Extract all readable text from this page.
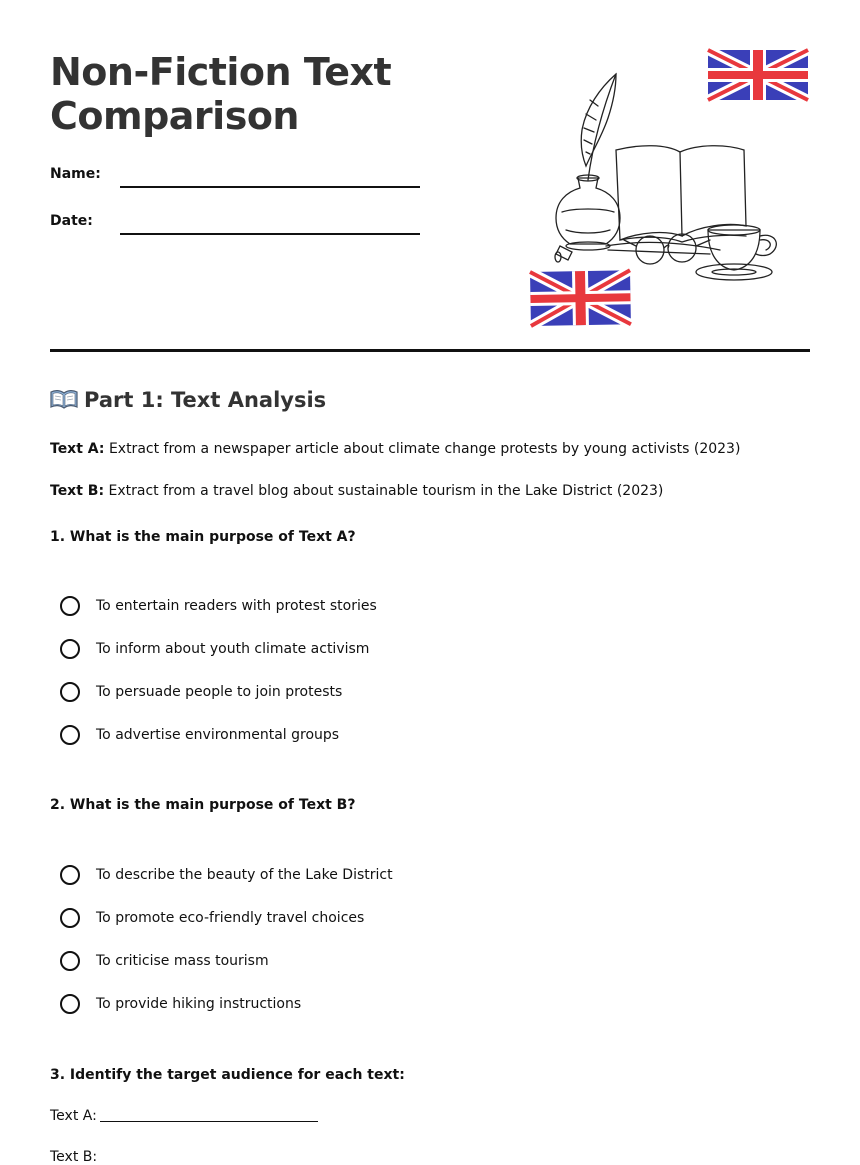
Non-Fiction Text Comparison
Name:
Date:
Part 1: Text Analysis
Text A: Extract from a newspaper article about climate change protests by young activists (2023)
Text B: Extract from a travel blog about sustainable tourism in the Lake District (2023)
1. What is the main purpose of Text A?
To entertain readers with protest stories
To inform about youth climate activism
To persuade people to join protests
To advertise environmental groups
2. What is the main purpose of Text B?
To describe the beauty of the Lake District
To promote eco-friendly travel choices
To criticise mass tourism
To provide hiking instructions
3. Identify the target audience for each text:
Text A:
Text B:
